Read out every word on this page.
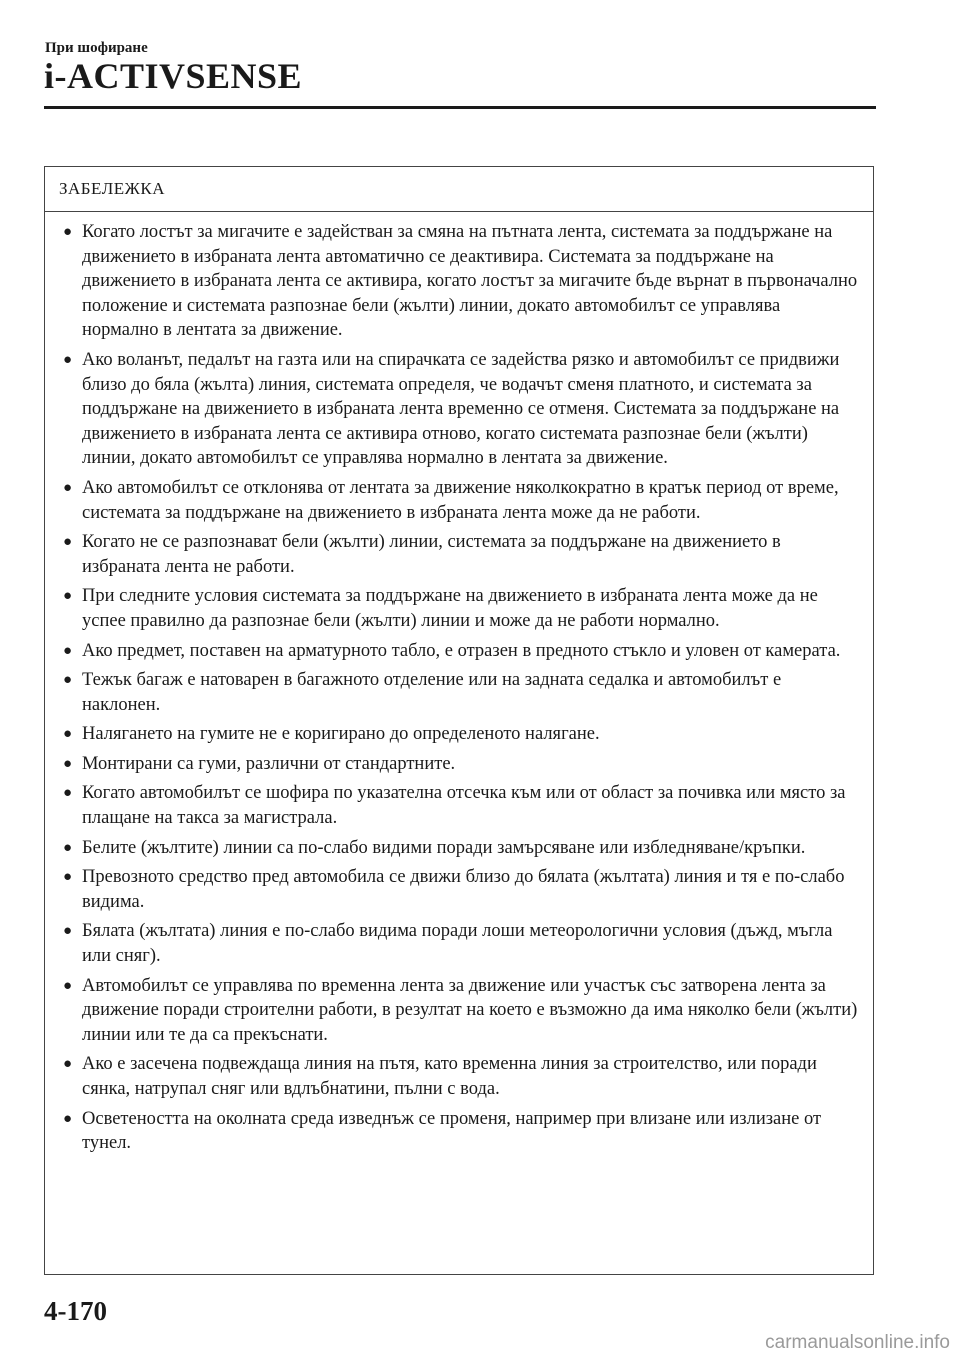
При шофиране
i-ACTIVSENSE
ЗАБЕЛЕЖКА
● Когато лостът за мигачите е задействан за смяна на пътната лента, системата за поддържане на движението в избраната лента автоматично се деактивира. Системата за поддържане на движението в избраната лента се активира, когато лостът за мигачите бъде върнат в първоначално положение и системата разпознае бели (жълти) линии, докато автомобилът се управлява нормално в лентата за движение.
● Ако воланът, педалът на газта или на спирачката се задейства рязко и автомобилът се придвижи близо до бяла (жълта) линия, системата определя, че водачът сменя платното, и системата за поддържане на движението в избраната лента временно се отменя. Системата за поддържане на движението в избраната лента се активира отново, когато системата разпознае бели (жълти) линии, докато автомобилът се управлява нормално в лентата за движение.
● Ако автомобилът се отклонява от лентата за движение няколкократно в кратък период от време, системата за поддържане на движението в избраната лента може да не работи.
● Когато не се разпознават бели (жълти) линии, системата за поддържане на движението в избраната лента не работи.
● При следните условия системата за поддържане на движението в избраната лента може да не успее правилно да разпознае бели (жълти) линии и може да не работи нормално.
● Ако предмет, поставен на арматурното табло, е отразен в предното стъкло и уловен от камерата.
● Тежък багаж е натоварен в багажното отделение или на задната седалка и автомобилът е наклонен.
● Налягането на гумите не е коригирано до определеното налягане.
● Монтирани са гуми, различни от стандартните.
● Когато автомобилът се шофира по указателна отсечка към или от област за почивка или място за плащане на такса за магистрала.
● Белите (жълтите) линии са по-слабо видими поради замърсяване или избледняване/кръпки.
● Превозното средство пред автомобила се движи близо до бялата (жълтата) линия и тя е по-слабо видима.
● Бялата (жълтата) линия е по-слабо видима поради лоши метеорологични условия (дъжд, мъгла или сняг).
● Автомобилът се управлява по временна лента за движение или участък със затворена лента за движение поради строителни работи, в резултат на което е възможно да има няколко бели (жълти) линии или те да са прекъснати.
● Ако е засечена подвеждаща линия на пътя, като временна линия за строителство, или поради сянка, натрупал сняг или вдлъбнатини, пълни с вода.
● Осветеността на околната среда изведнъж се променя, например при влизане или излизане от тунел.
4-170
carmanualsonline.info
